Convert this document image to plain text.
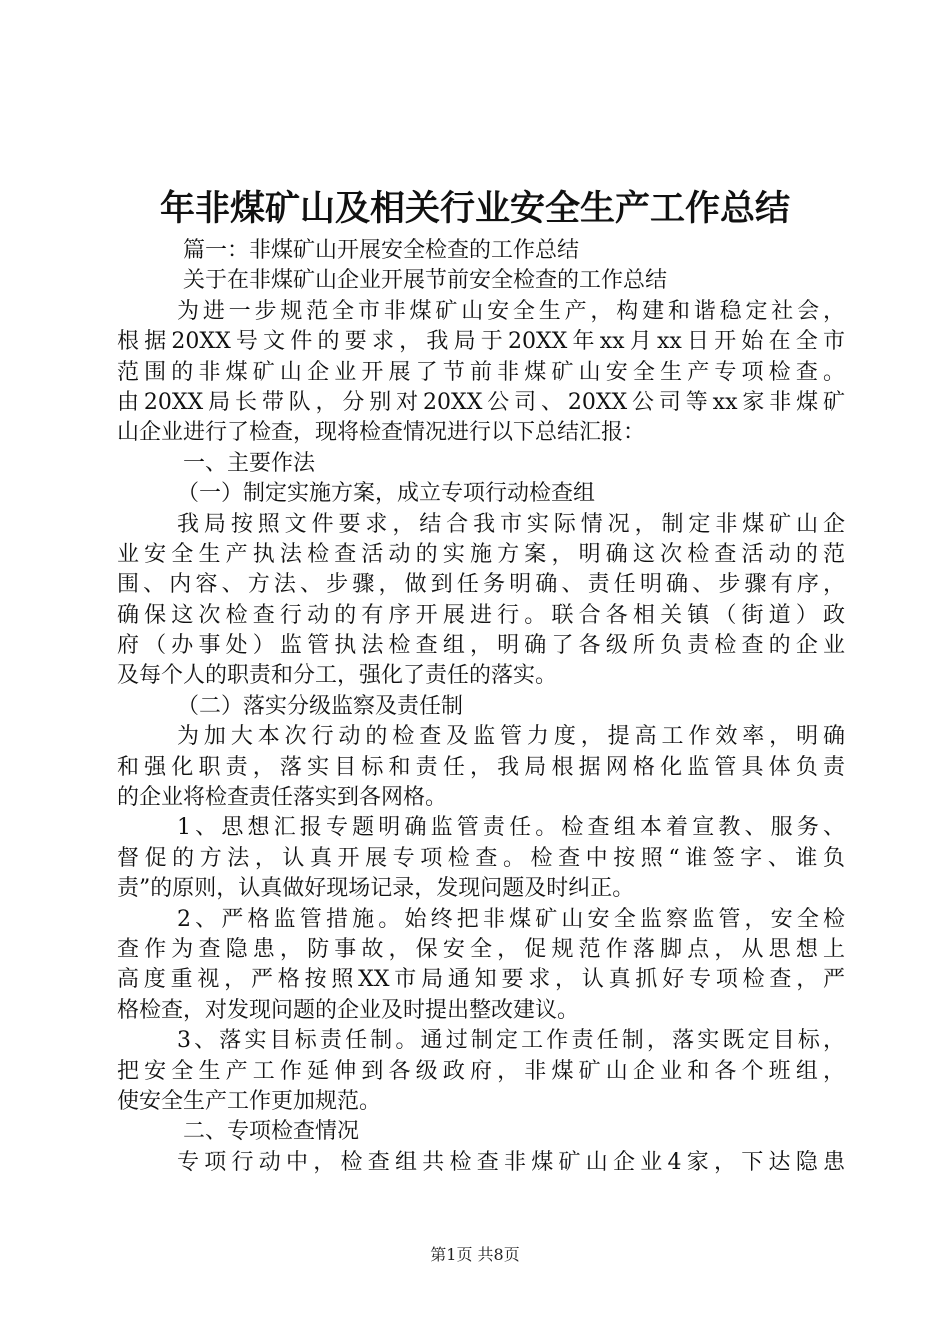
年非煤矿山及相关行业安全生产工作总结
篇一：非煤矿山开展安全检查的工作总结
关于在非煤矿山企业开展节前安全检查的工作总结
为进一步规范全市非煤矿山安全生产，构建和谐稳定社会，
根据20XX号文件的要求，我局于20XX年xx月xx日开始在全市
范围的非煤矿山企业开展了节前非煤矿山安全生产专项检查。
由20XX局长带队，分别对20XX公司、20XX公司等xx家非煤矿
山企业进行了检查，现将检查情况进行以下总结汇报：
一、主要作法
（一）制定实施方案，成立专项行动检查组
我局按照文件要求，结合我市实际情况，制定非煤矿山企
业安全生产执法检查活动的实施方案，明确这次检查活动的范
围、内容、方法、步骤，做到任务明确、责任明确、步骤有序，
确保这次检查行动的有序开展进行。联合各相关镇（街道）政
府（办事处）监管执法检查组，明确了各级所负责检查的企业
及每个人的职责和分工，强化了责任的落实。
（二）落实分级监察及责任制
为加大本次行动的检查及监管力度，提高工作效率，明确
和强化职责，落实目标和责任，我局根据网格化监管具体负责
的企业将检查责任落实到各网格。
1、思想汇报专题明确监管责任。检查组本着宣教、服务、
督促的方法，认真开展专项检查。检查中按照“谁签字、谁负
责”的原则，认真做好现场记录，发现问题及时纠正。
2、严格监管措施。始终把非煤矿山安全监察监管，安全检
查作为查隐患，防事故，保安全，促规范作落脚点，从思想上
高度重视，严格按照XX市局通知要求，认真抓好专项检查，严
格检查，对发现问题的企业及时提出整改建议。
3、落实目标责任制。通过制定工作责任制，落实既定目标，
把安全生产工作延伸到各级政府，非煤矿山企业和各个班组，
使安全生产工作更加规范。
二、专项检查情况
专项行动中，检查组共检查非煤矿山企业4家，下达隐患
第1页 共8页
